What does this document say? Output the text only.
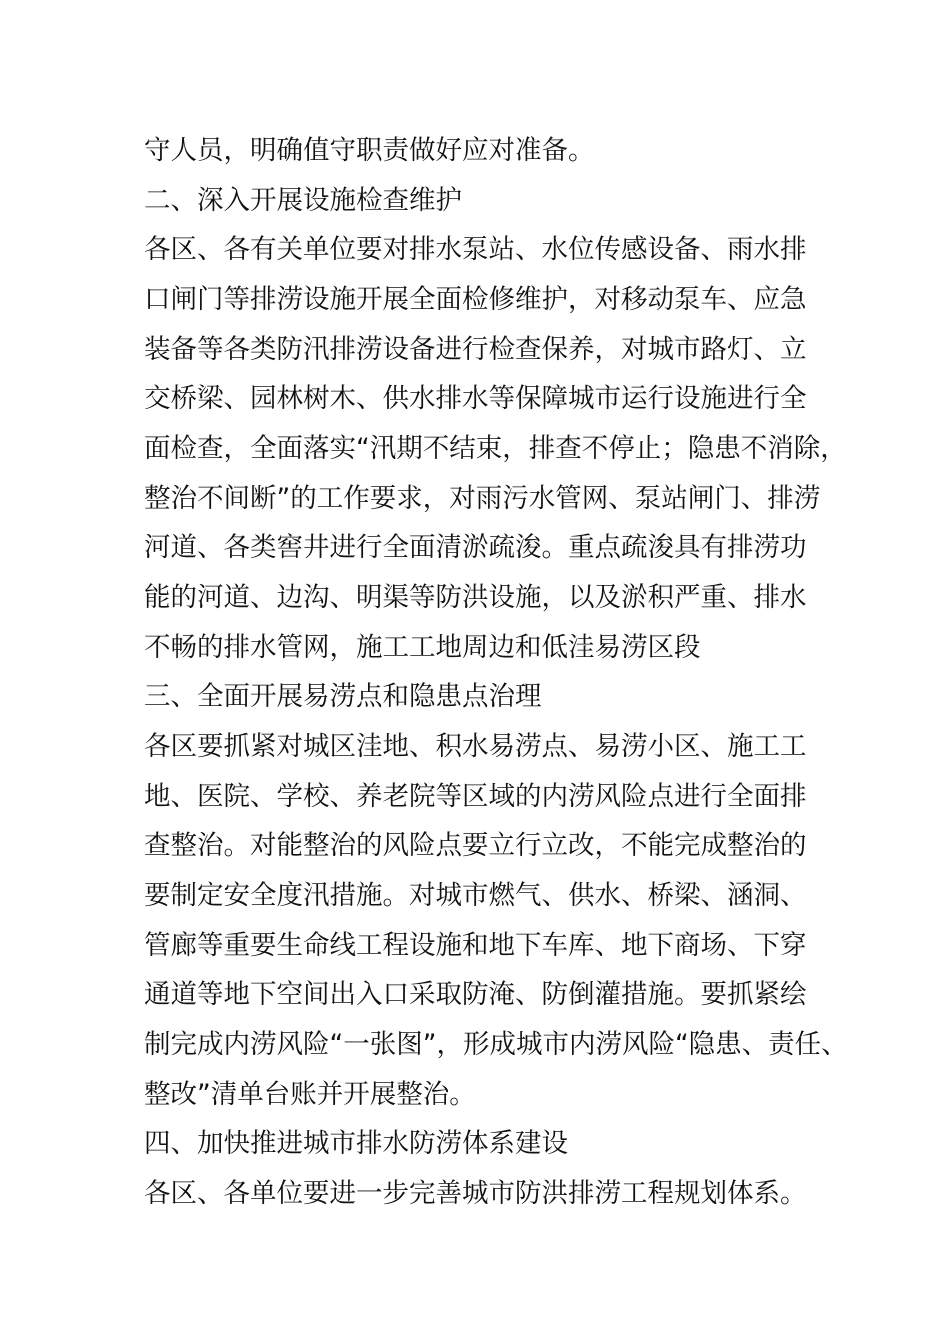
守人员，明确值守职责做好应对准备。
二、深入开展设施检查维护
各区、各有关单位要对排水泵站、水位传感设备、雨水排
口闸门等排涝设施开展全面检修维护，对移动泵车、应急
装备等各类防汛排涝设备进行检查保养，对城市路灯、立
交桥梁、园林树木、供水排水等保障城市运行设施进行全
面检查，全面落实“汛期不结束，排查不停止；隐患不消除，
整治不间断”的工作要求，对雨污水管网、泵站闸门、排涝
河道、各类窖井进行全面清淤疏浚。重点疏浚具有排涝功
能的河道、边沟、明渠等防洪设施，以及淤积严重、排水
不畅的排水管网，施工工地周边和低洼易涝区段
三、全面开展易涝点和隐患点治理
各区要抓紧对城区洼地、积水易涝点、易涝小区、施工工
地、医院、学校、养老院等区域的内涝风险点进行全面排
查整治。对能整治的风险点要立行立改，不能完成整治的
要制定安全度汛措施。对城市燃气、供水、桥梁、涵洞、
管廊等重要生命线工程设施和地下车库、地下商场、下穿
通道等地下空间出入口采取防淹、防倒灌措施。要抓紧绘
制完成内涝风险“一张图”，形成城市内涝风险“隐患、责任、
整改”清单台账并开展整治。
四、加快推进城市排水防涝体系建设
各区、各单位要进一步完善城市防洪排涝工程规划体系。
